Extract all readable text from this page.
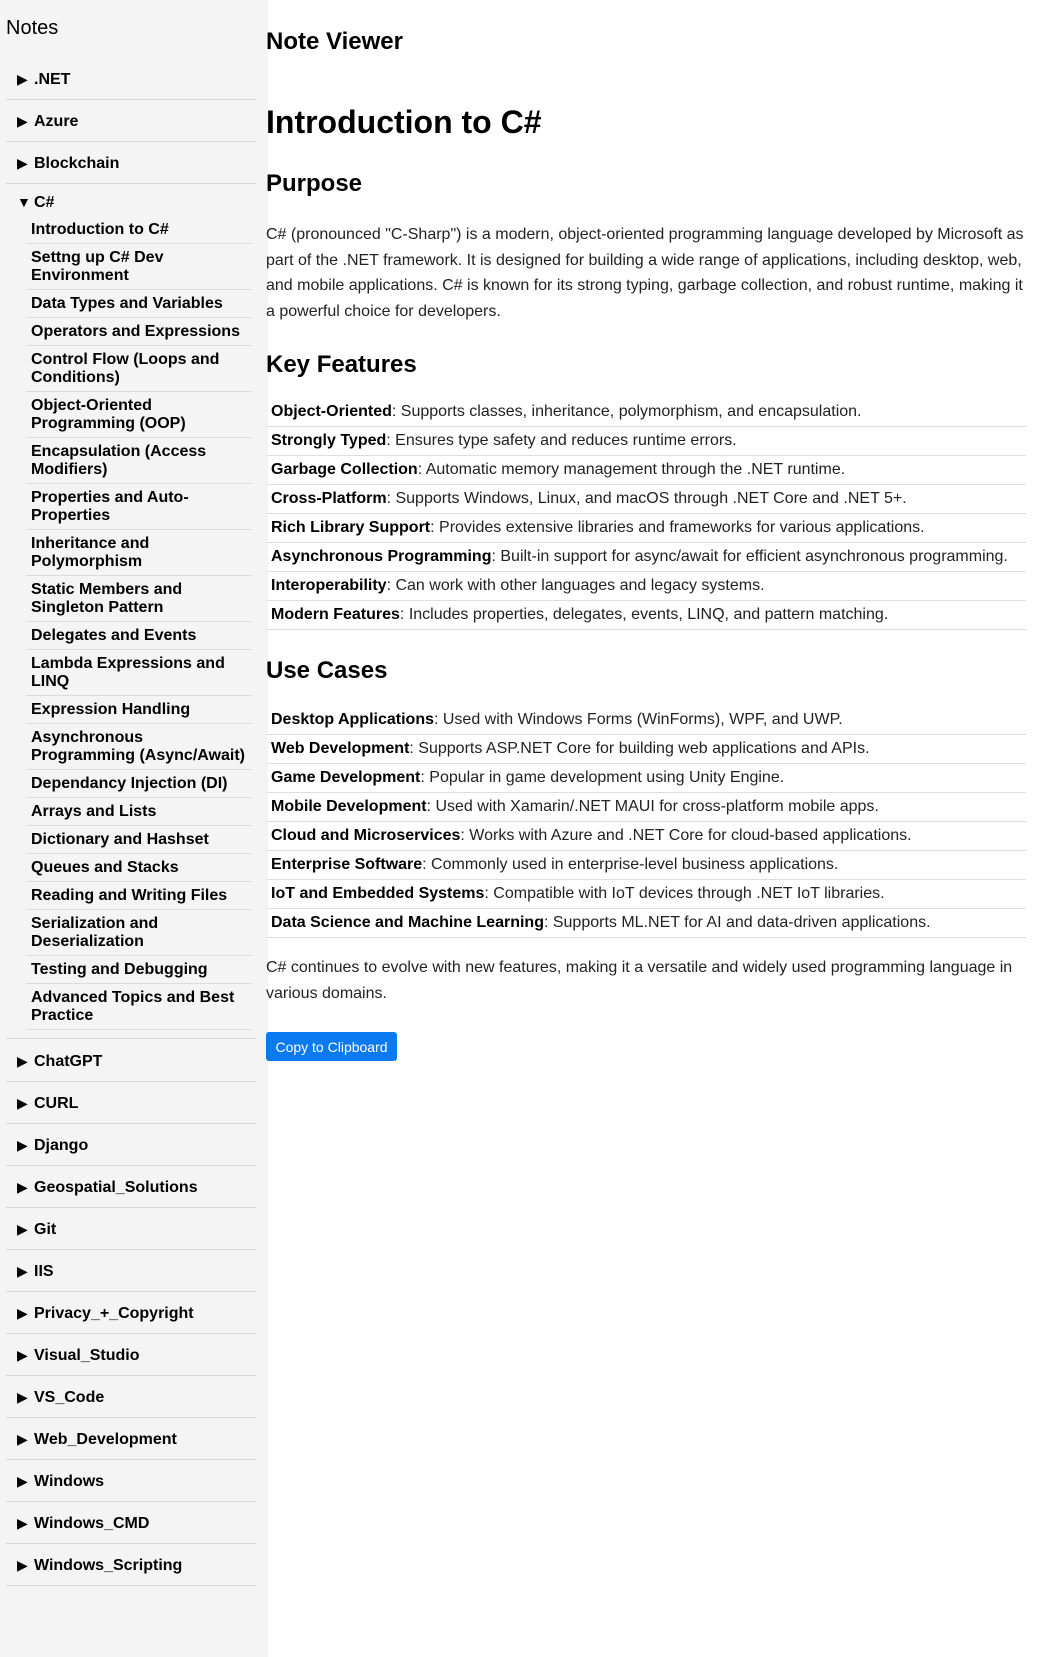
Notes
▼ C#
Introduction to C#
Settng up C# Dev Environment
Data Types and Variables
Operators and Expressions
Control Flow (Loops and Conditions)
Object-Oriented Programming (OOP)
Encapsulation (Access Modifiers)
Properties and Auto-Properties
Inheritance and Polymorphism
Static Members and Singleton Pattern
Delegates and Events
Lambda Expressions and LINQ
Expression Handling
Asynchronous Programming (Async/Await)
Dependancy Injection (DI)
Arrays and Lists
Dictionary and Hashset
Queues and Stacks
Reading and Writing Files
Serialization and Deserialization
Testing and Debugging
Advanced Topics and Best Practice
▶ .NET
▶ Azure
▶ Blockchain
▶ ChatGPT
▶ CURL
▶ Django
▶ Geospatial_Solutions
▶ Git
▶ IIS
▶ Privacy_+_Copyright
▶ Visual_Studio
▶ VS_Code
▶ Web_Development
▶ Windows
▶ Windows_CMD
▶ Windows_Scripting
Note Viewer
Introduction to C#
Purpose

C# (pronounced "C-Sharp") is a modern, object-oriented programming language developed by Microsoft as part of the .NET framework. It is designed for building a wide range of applications, including desktop, web, and mobile applications. C# is known for its strong typing, garbage collection, and robust runtime, making it a powerful choice for developers.

Key Features
Object-Oriented: Supports classes, inheritance, polymorphism, and encapsulation.
Strongly Typed: Ensures type safety and reduces runtime errors.
Garbage Collection: Automatic memory management through the .NET runtime.
Cross-Platform: Supports Windows, Linux, and macOS through .NET Core and .NET 5+.
Rich Library Support: Provides extensive libraries and frameworks for various applications.
Asynchronous Programming: Built-in support for async/await for efficient asynchronous programming.
Interoperability: Can work with other languages and legacy systems.
Modern Features: Includes properties, delegates, events, LINQ, and pattern matching.
Use Cases
Desktop Applications: Used with Windows Forms (WinForms), WPF, and UWP.
Web Development: Supports ASP.NET Core for building web applications and APIs.
Game Development: Popular in game development using Unity Engine.
Mobile Development: Used with Xamarin/.NET MAUI for cross-platform mobile apps.
Cloud and Microservices: Works with Azure and .NET Core for cloud-based applications.
Enterprise Software: Commonly used in enterprise-level business applications.
IoT and Embedded Systems: Compatible with IoT devices through .NET IoT libraries.
Data Science and Machine Learning: Supports ML.NET for AI and data-driven applications.

C# continues to evolve with new features, making it a versatile and widely used programming language in various domains.

Copy to Clipboard
